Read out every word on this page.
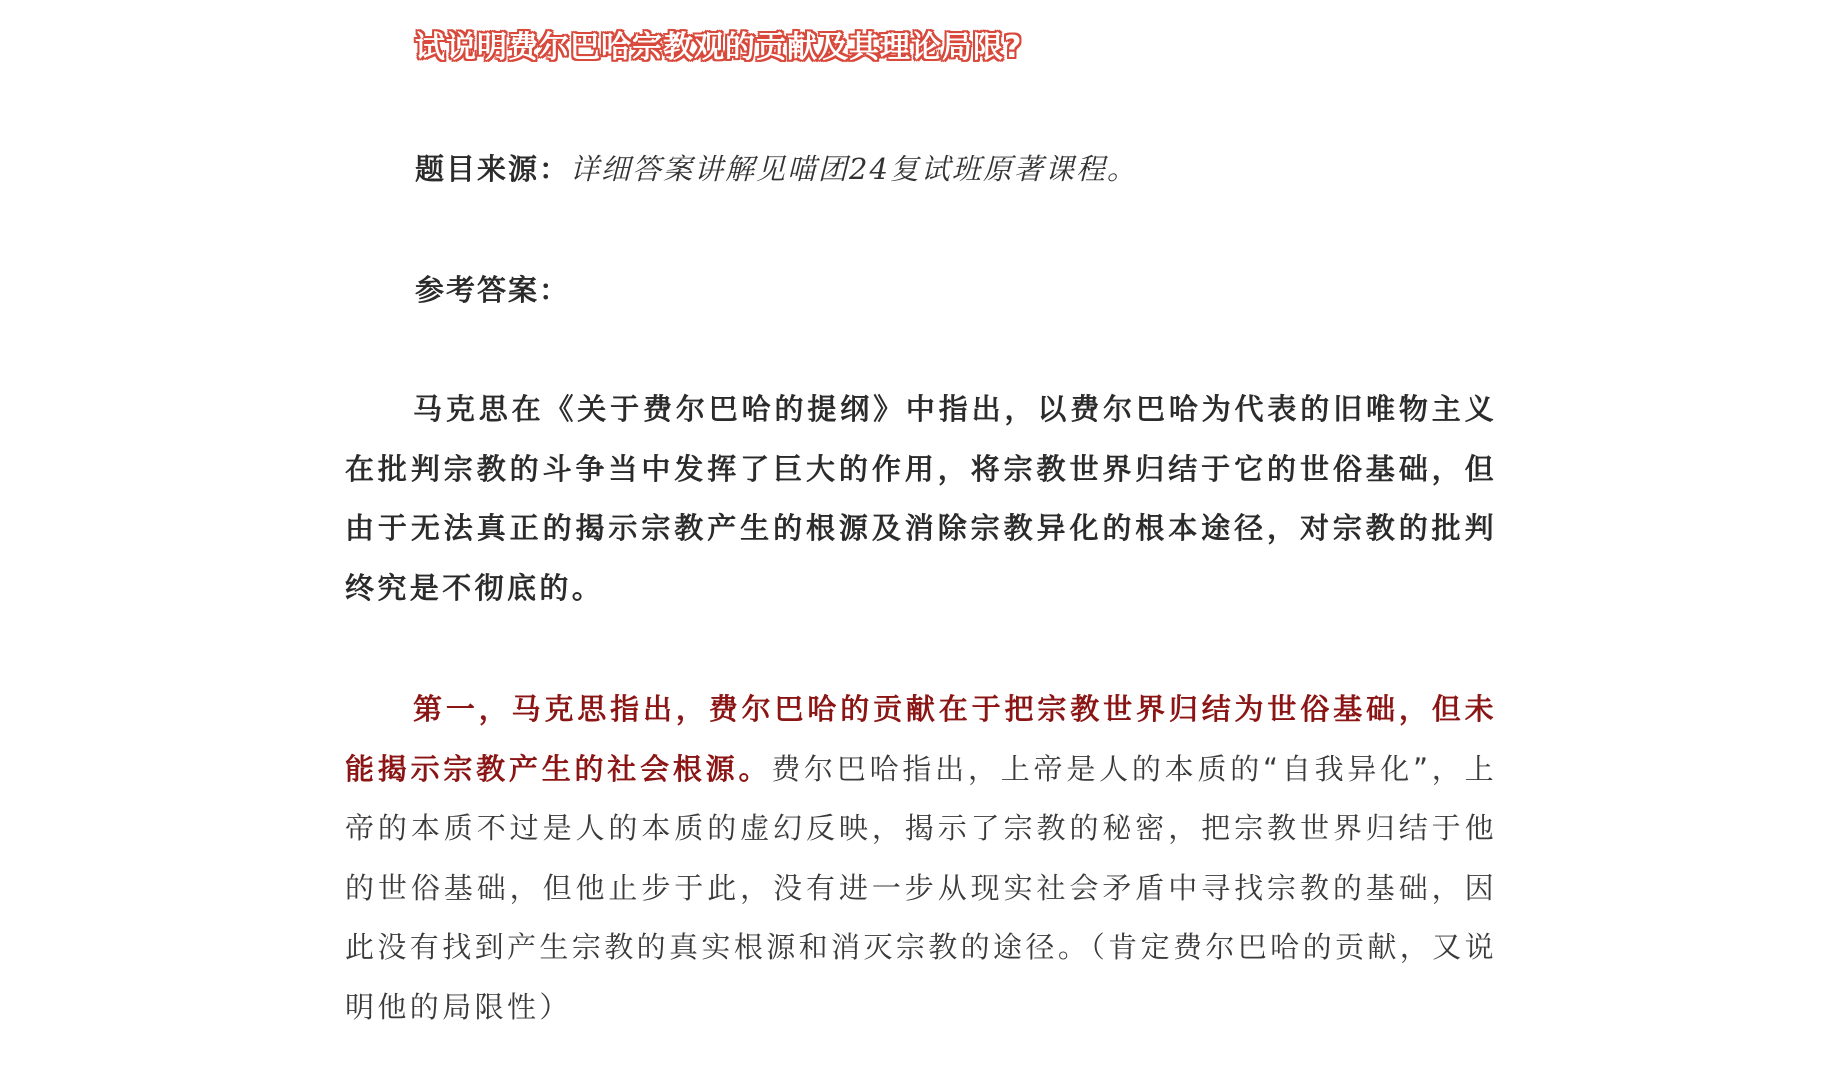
试说明费尔巴哈宗教观的贡献及其理论局限?
题目来源：详细答案讲解见喵团24复试班原著课程。
参考答案：

马克思在《关于费尔巴哈的提纲》中指出，以费尔巴哈为代表的旧唯物主义在批判宗教的斗争当中发挥了巨大的作用，将宗教世界归结于它的世俗基础，但由于无法真正的揭示宗教产生的根源及消除宗教异化的根本途径，对宗教的批判终究是不彻底的。

第一，马克思指出，费尔巴哈的贡献在于把宗教世界归结为世俗基础，但未能揭示宗教产生的社会根源。费尔巴哈指出，上帝是人的本质的“自我异化”，上帝的本质不过是人的本质的虚幻反映，揭示了宗教的秘密，把宗教世界归结于他的世俗基础，但他止步于此，没有进一步从现实社会矛盾中寻找宗教的基础，因此没有找到产生宗教的真实根源和消灭宗教的途径。（肯定费尔巴哈的贡献，又说明他的局限性）
